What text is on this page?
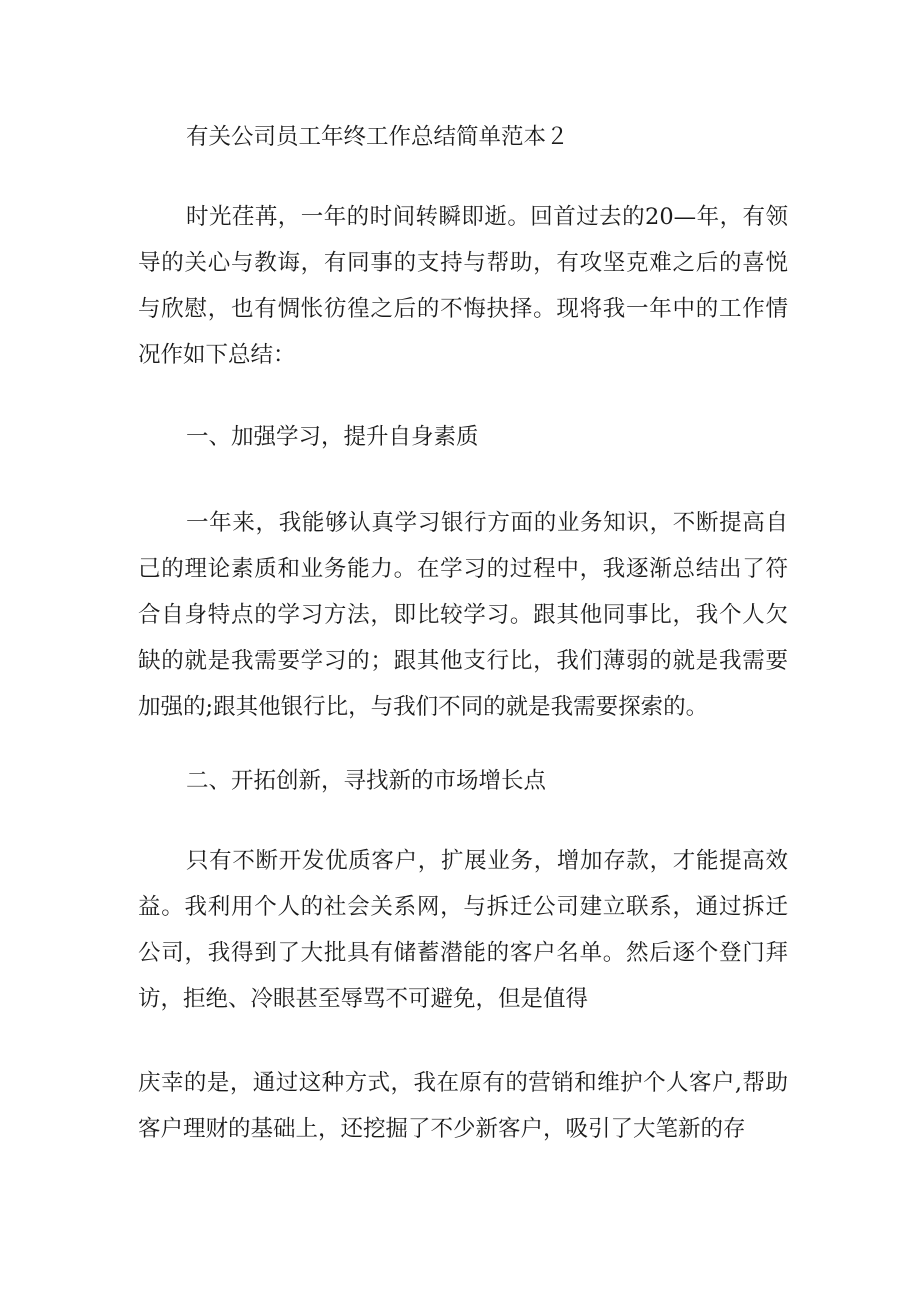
有关公司员工年终工作总结简单范本２

时光荏苒，一年的时间转瞬即逝。回首过去的20—年，有领导的关心与教诲，有同事的支持与帮助，有攻坚克难之后的喜悦与欣慰，也有惆怅彷徨之后的不悔抉择。现将我一年中的工作情况作如下总结：

一、加强学习，提升自身素质

一年来，我能够认真学习银行方面的业务知识，不断提高自己的理论素质和业务能力。在学习的过程中，我逐渐总结出了符合自身特点的学习方法，即比较学习。跟其他同事比，我个人欠缺的就是我需要学习的；跟其他支行比，我们薄弱的就是我需要加强的;跟其他银行比，与我们不同的就是我需要探索的。

二、开拓创新，寻找新的市场增长点

只有不断开发优质客户，扩展业务，增加存款，才能提高效益。我利用个人的社会关系网，与拆迁公司建立联系，通过拆迁公司，我得到了大批具有储蓄潜能的客户名单。然后逐个登门拜访，拒绝、冷眼甚至辱骂不可避免，但是值得

庆幸的是，通过这种方式，我在原有的营销和维护个人客户,帮助客户理财的基础上，还挖掘了不少新客户，吸引了大笔新的存
